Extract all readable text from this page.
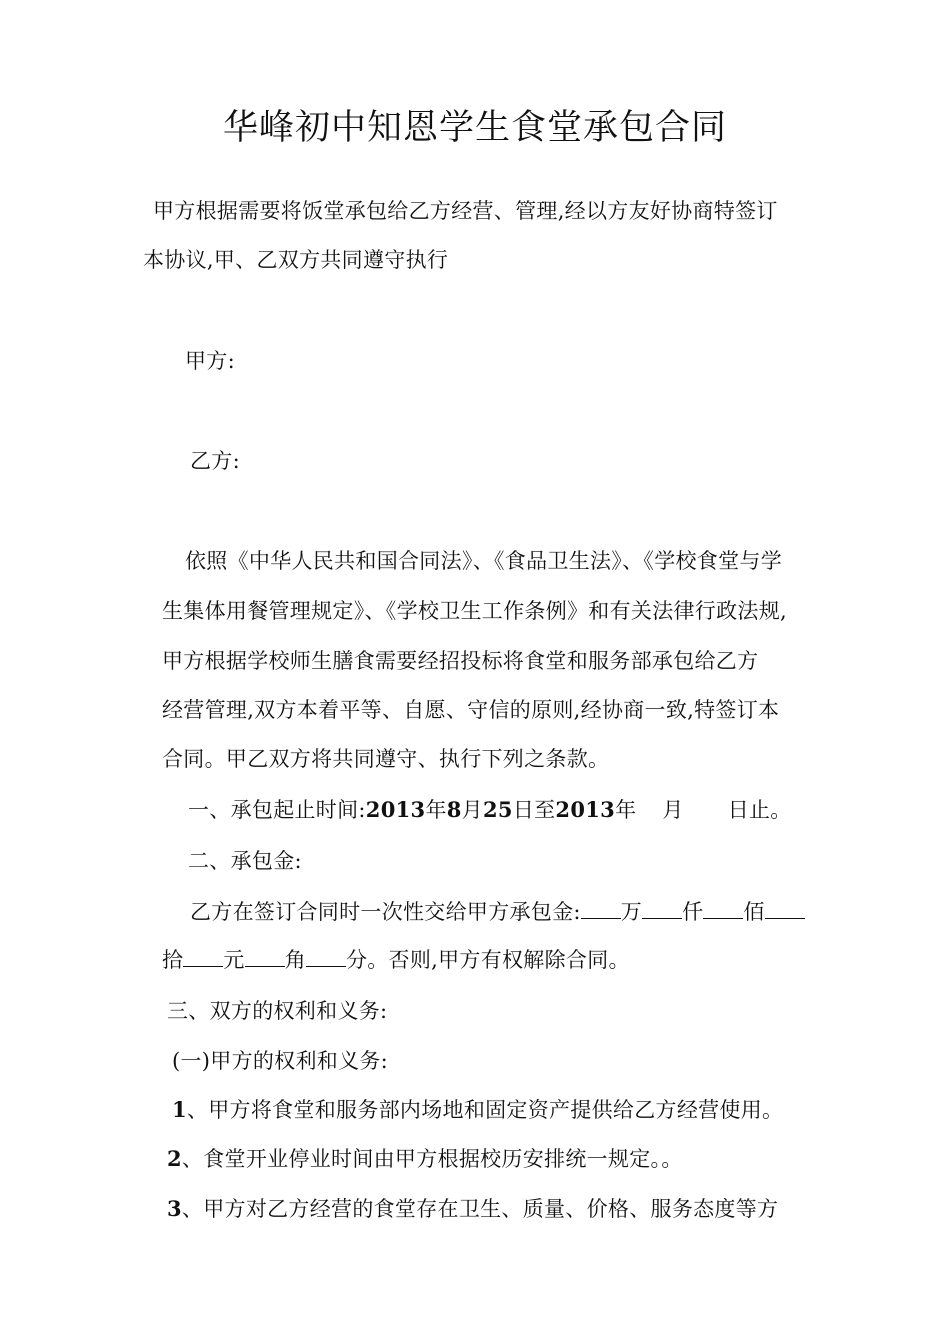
华峰初中知恩学生食堂承包合同
甲方根据需要将饭堂承包给乙方经营、管理,经以方友好协商特签订
本协议,甲、乙双方共同遵守执行
甲方:
乙方:
依照《中华人民共和国合同法》、《食品卫生法》、《学校食堂与学
生集体用餐管理规定》、《学校卫生工作条例》和有关法律行政法规,
甲方根据学校师生膳食需要经招投标将食堂和服务部承包给乙方
经营管理,双方本着平等、自愿、守信的原则,经协商一致,特签订本
合同。甲乙双方将共同遵守、执行下列之条款。
一、承包起止时间:2013年8月25日至2013年 月 日止。
二、承包金:
乙方在签订合同时一次性交给甲方承包金: 万 仟 佰
拾 元 角 分。否则,甲方有权解除合同。
三、双方的权利和义务:
(一)甲方的权利和义务:
1、甲方将食堂和服务部内场地和固定资产提供给乙方经营使用。
2、食堂开业停业时间由甲方根据校历安排统一规定。。
3、甲方对乙方经营的食堂存在卫生、质量、价格、服务态度等方
